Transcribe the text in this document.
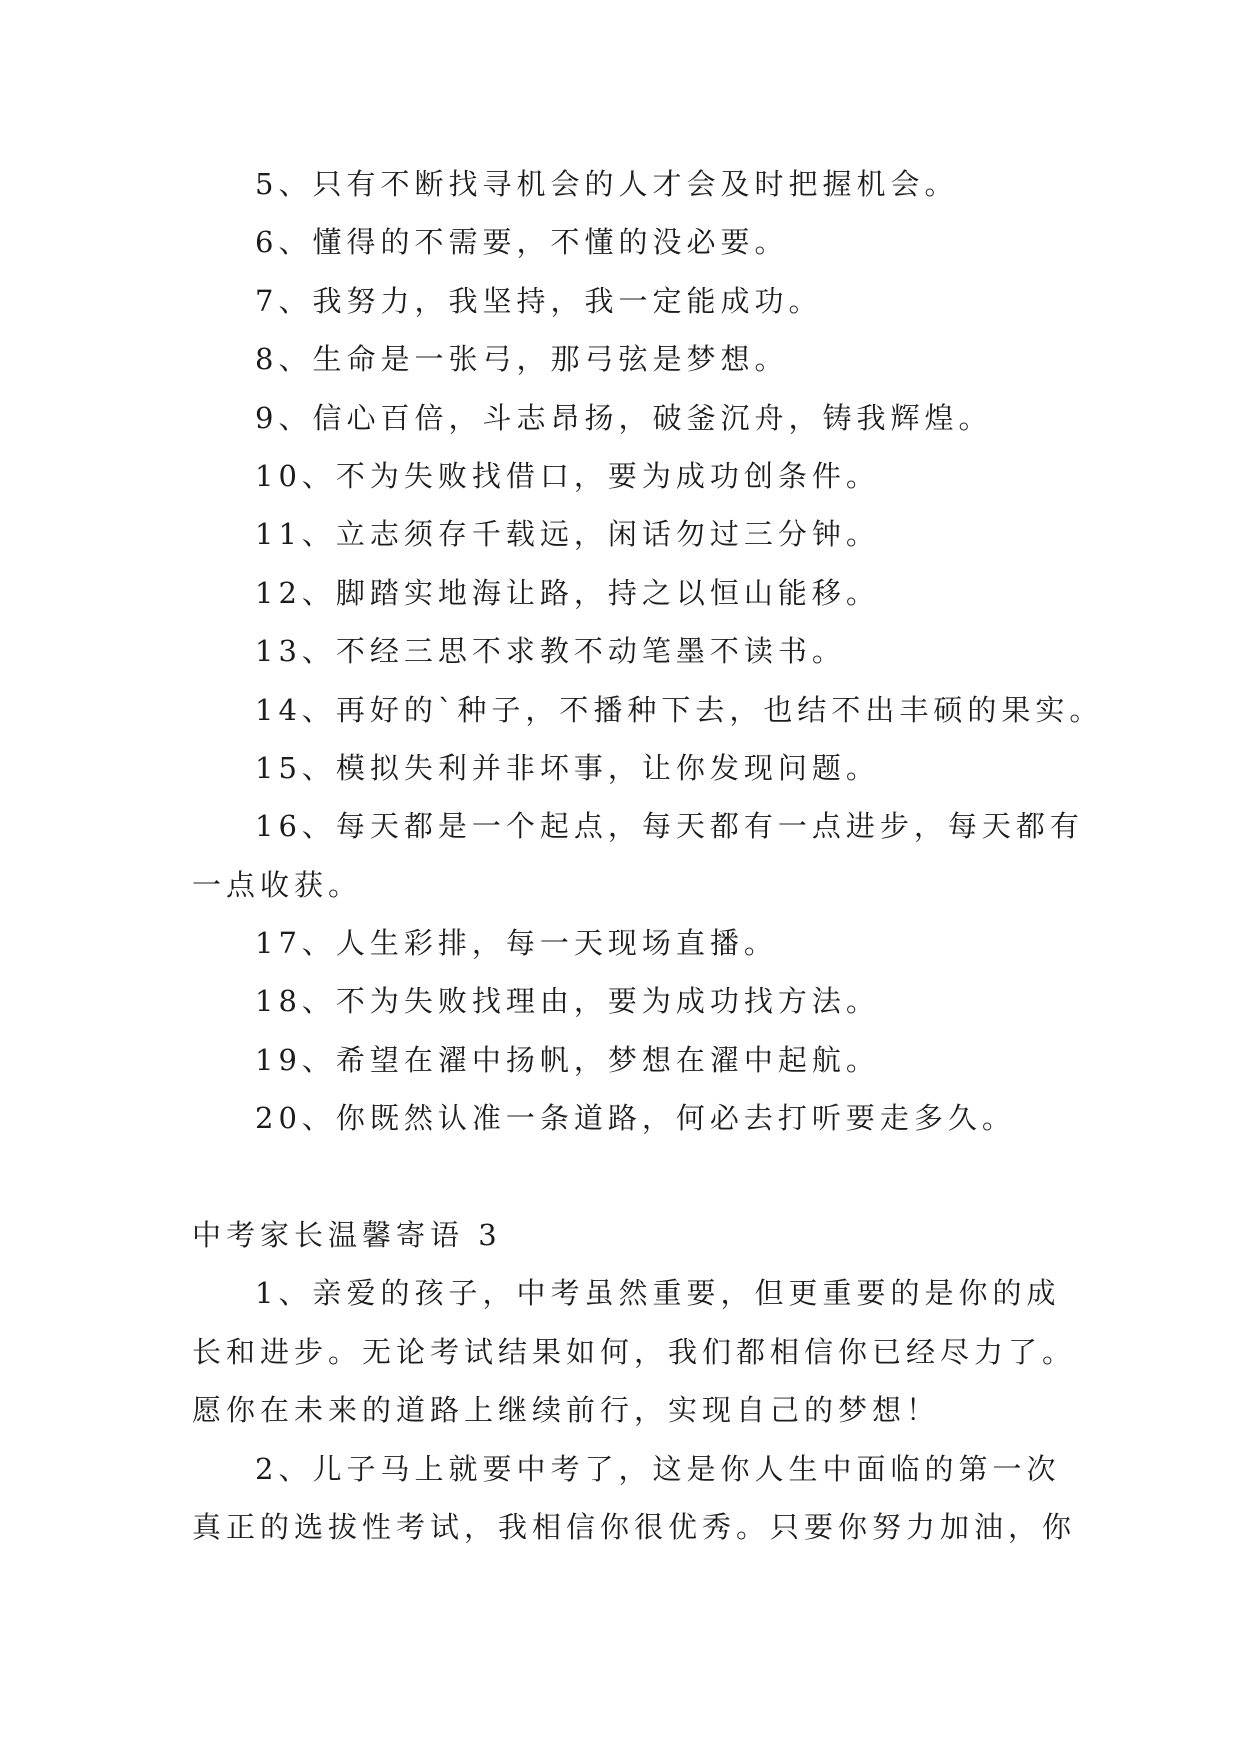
5、只有不断找寻机会的人才会及时把握机会。
6、懂得的不需要，不懂的没必要。
7、我努力，我坚持，我一定能成功。
8、生命是一张弓，那弓弦是梦想。
9、信心百倍，斗志昂扬，破釜沉舟，铸我辉煌。
10、不为失败找借口，要为成功创条件。
11、立志须存千载远，闲话勿过三分钟。
12、脚踏实地海让路，持之以恒山能移。
13、不经三思不求教不动笔墨不读书。
14、再好的`种子，不播种下去，也结不出丰硕的果实。
15、模拟失利并非坏事，让你发现问题。
16、每天都是一个起点，每天都有一点进步，每天都有
一点收获。
17、人生彩排，每一天现场直播。
18、不为失败找理由，要为成功找方法。
19、希望在濯中扬帆，梦想在濯中起航。
20、你既然认准一条道路，何必去打听要走多久。
中考家长温馨寄语 3
1、亲爱的孩子，中考虽然重要，但更重要的是你的成
长和进步。无论考试结果如何，我们都相信你已经尽力了。
愿你在未来的道路上继续前行，实现自己的梦想！
2、儿子马上就要中考了，这是你人生中面临的第一次
真正的选拔性考试，我相信你很优秀。只要你努力加油，你
